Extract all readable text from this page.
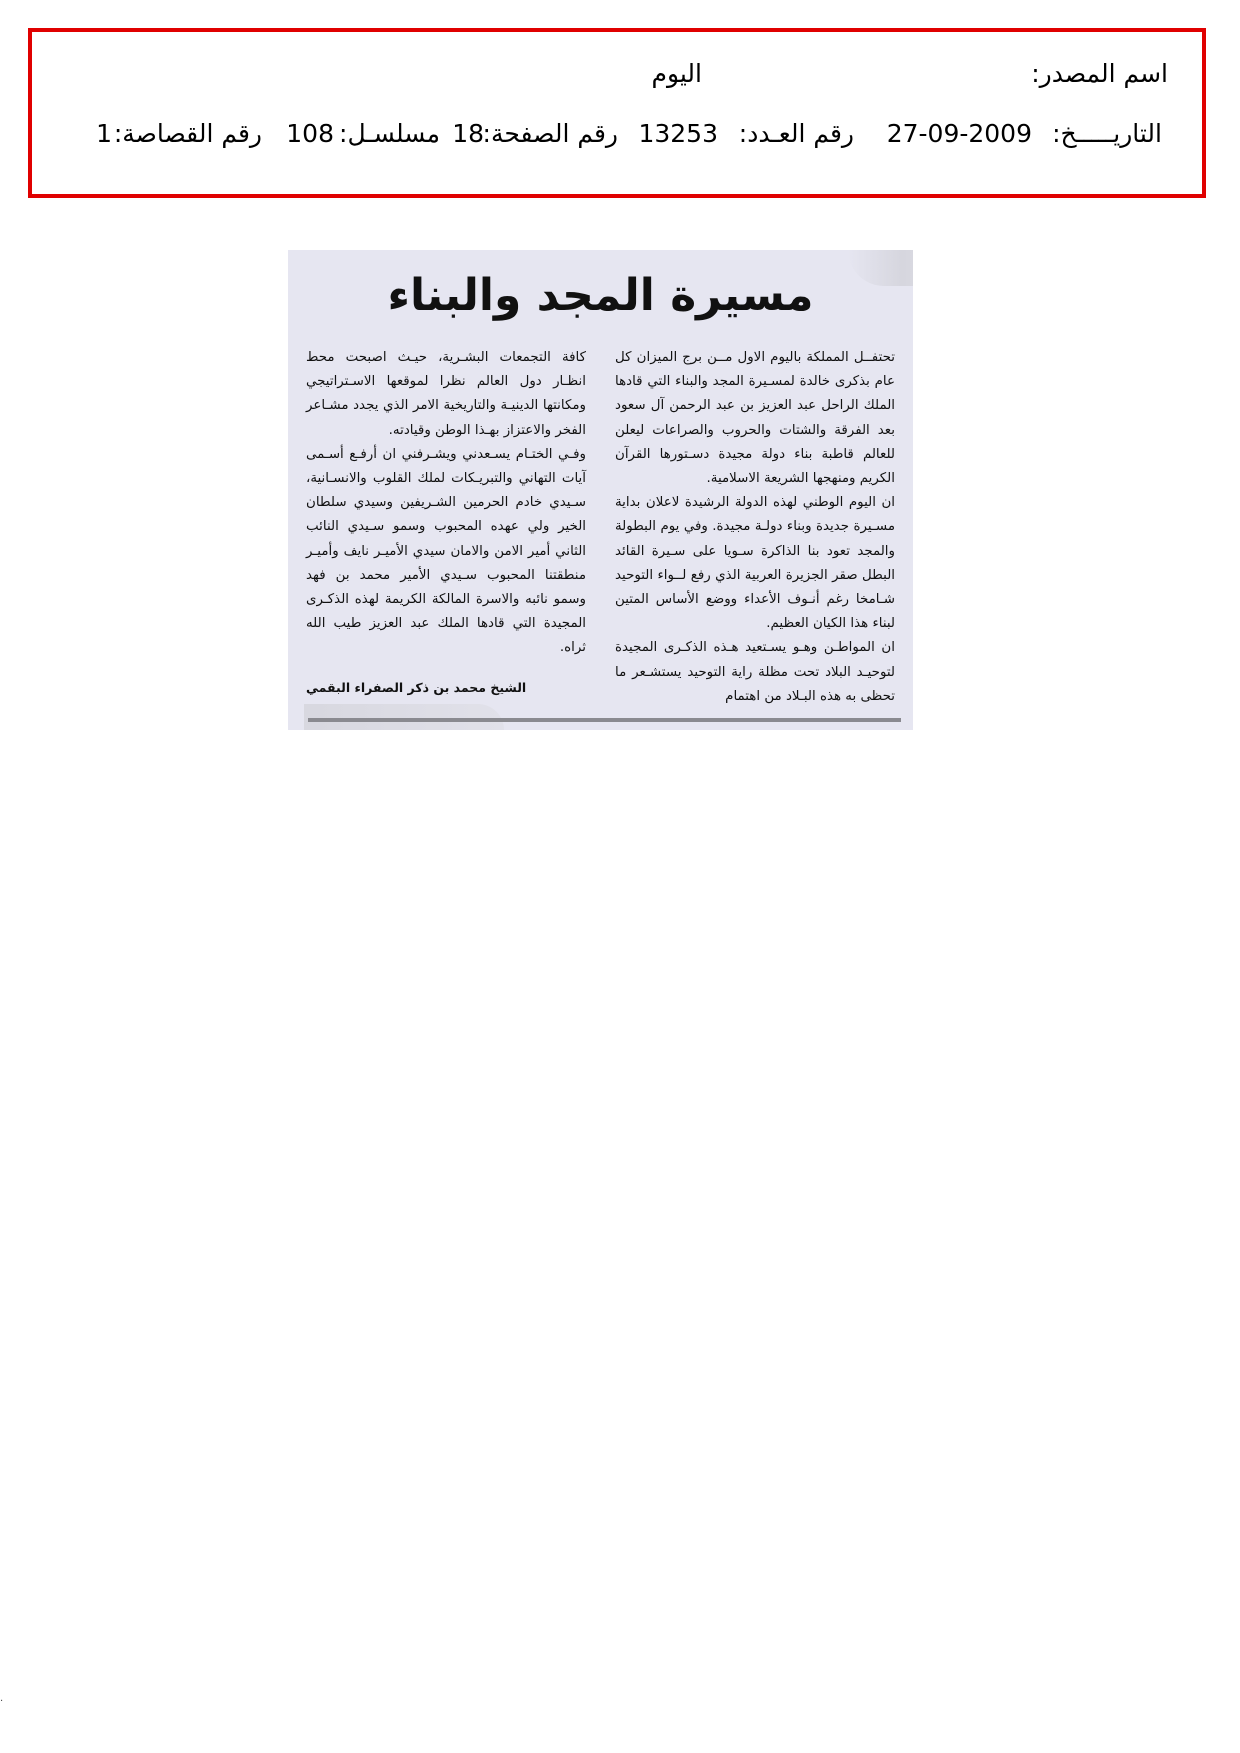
اسم المصدر:
اليوم
التاريـــــخ:
27-09-2009
رقم العـدد:
13253
رقم الصفحة:
18
مسلسـل:
108
رقم القصاصة:
1
مسيرة المجد والبناء

تحتفــل المملكة باليوم الاول مــن برج الميزان كل عام بذكرى خالدة لمسـيرة المجد والبناء التي قادها الملك الراحل عبد العزيز بن عبد الرحمن آل سعود بعد الفرقة والشتات والحروب والصراعات ليعلن للعالم قاطبة بناء دولة مجيدة دسـتورها القرآن الكريم ومنهجها الشريعة الاسلامية.

ان اليوم الوطني لهذه الدولة الرشيدة لاعلان بداية مسـيرة جديدة وبناء دولـة مجيدة. وفي يوم البطولة والمجد تعود بنا الذاكرة سـويا على سـيرة القائد البطل صقر الجزيرة العربية الذي رفع لــواء التوحيد شـامخا رغم أنـوف الأعداء ووضع الأساس المتين لبناء هذا الكيان العظيم.

ان المواطـن وهـو يسـتعيد هـذه الذكـرى المجيدة لتوحيـد البلاد تحت مظلة راية التوحيد يستشـعر ما تحظى به هذه البـلاد من اهتمام

كافة التجمعات البشـرية، حيـث اصبحت محط انظـار دول العالم نظرا لموقعها الاسـتراتيجي ومكانتها الدينيـة والتاريخية الامر الذي يجدد مشـاعر الفخر والاعتزاز بهـذا الوطن وقيادته.

وفـي الختـام يسـعدني ويشـرفني ان أرفـع أسـمى آيات التهاني والتبريـكات لملك القلوب والانسـانية، سـيدي خادم الحرمين الشـريفين وسيدي سلطان الخير ولي عهده المحبوب وسمو سـيدي النائب الثاني أمير الامن والامان سيدي الأميـر نايف وأميـر منطقتنا المحبوب سـيدي الأمير محمد بن فهد وسمو نائبه والاسرة المالكة الكريمة لهذه الذكـرى المجيدة التي قادها الملك عبد العزيز طيب الله ثراه.

الشيخ محمد بن ذكر الصفراء البقمي
.
